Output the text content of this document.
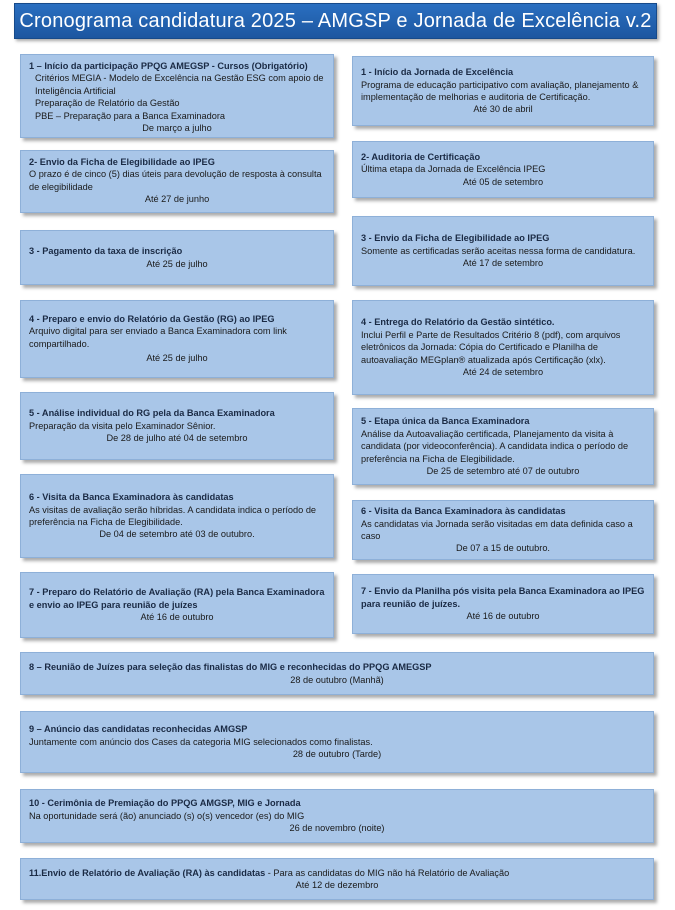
Cronograma candidatura 2025 – AMGSP e Jornada de Excelência v.2

1 – Início da participação PPQG AMEGSP - Cursos (Obrigatório)

Critérios MEGIA - Modelo de Excelência na Gestão ESG com apoio de Inteligência Artificial

Preparação de Relatório da Gestão

PBE – Preparação para a Banca Examinadora

De março a julho

2- Envio da Ficha de Elegibilidade ao IPEG

O prazo é de cinco (5) dias úteis para devolução de resposta à consulta de elegibilidade

Até 27 de junho

3 - Pagamento da taxa de inscrição

Até 25 de julho

4 - Preparo e envio do Relatório da Gestão (RG) ao IPEG

Arquivo digital para ser enviado a Banca Examinadora com link compartilhado.

Até 25 de julho

5 - Análise individual do RG pela da Banca Examinadora

Preparação da visita pelo Examinador Sênior.

De 28 de julho até 04 de setembro

6 - Visita da Banca Examinadora às candidatas

As visitas de avaliação serão híbridas. A candidata indica o período de preferência na Ficha de Elegibilidade.

De 04 de setembro até 03 de outubro.

7 - Preparo do Relatório de Avaliação (RA) pela Banca Examinadora e envio ao IPEG para reunião de juízes

Até 16 de outubro

1 - Início da Jornada de Excelência

Programa de educação participativo com avaliação, planejamento & implementação de melhorias e auditoria de Certificação.

Até 30 de abril

2- Auditoria de Certificação

Última etapa da Jornada de Excelência IPEG

Até 05 de setembro

3 - Envio da Ficha de Elegibilidade ao IPEG

Somente as certificadas serão aceitas nessa forma de candidatura.

Até 17 de setembro

4 - Entrega do Relatório da Gestão sintético.

Inclui Perfil e Parte de Resultados Critério 8 (pdf), com arquivos eletrônicos da Jornada: Cópia do Certificado e Planilha de autoavaliação MEGplan® atualizada após Certificação (xlx).

Até 24 de setembro

5 - Etapa única da Banca Examinadora

Análise da Autoavaliação certificada, Planejamento da visita à candidata (por videoconferência). A candidata indica o período de preferência na Ficha de Elegibilidade.

De 25 de setembro até 07 de outubro

6 - Visita da Banca Examinadora às candidatas

As candidatas via Jornada serão visitadas em data definida caso a caso

De 07 a 15 de outubro.

7 - Envio da Planilha pós visita pela Banca Examinadora ao IPEG para reunião de juízes.

Até 16 de outubro

8 – Reunião de Juízes para seleção das finalistas do MIG e reconhecidas do PPQG AMEGSP

28 de outubro (Manhã)

9 – Anúncio das candidatas reconhecidas AMGSP

Juntamente com anúncio dos Cases da categoria MIG selecionados como finalistas.

28 de outubro (Tarde)

10 - Cerimônia de Premiação do PPQG AMGSP, MIG e Jornada

Na oportunidade será (ão) anunciado (s) o(s) vencedor (es) do MIG

26 de novembro (noite)

11.Envio de Relatório de Avaliação (RA) às candidatas - Para as candidatas do MIG não há Relatório de Avaliação

Até 12 de dezembro
